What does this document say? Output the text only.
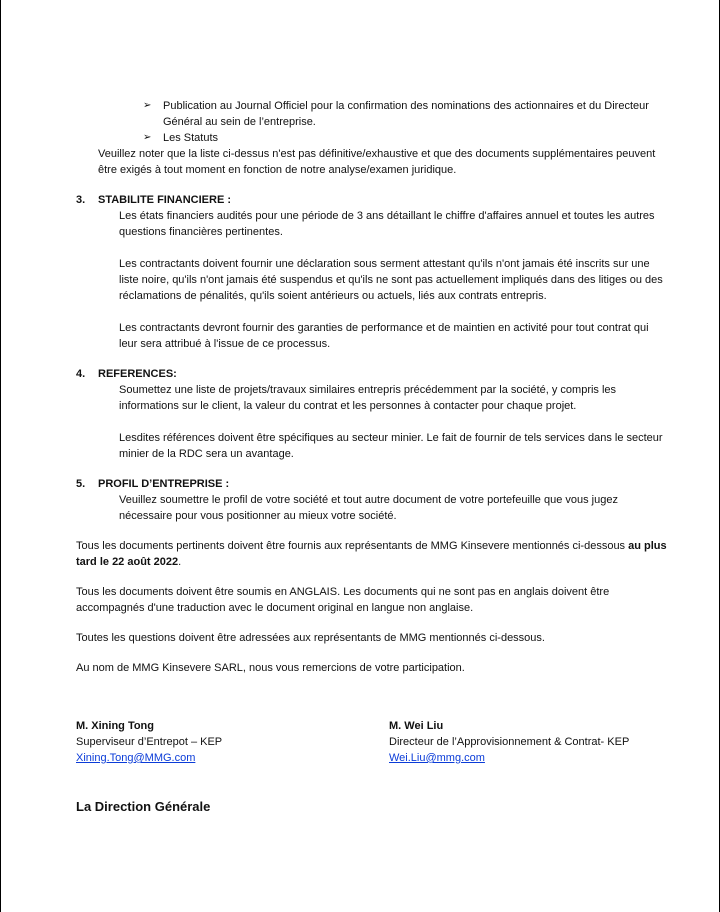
➢ Publication au Journal Officiel pour la confirmation des nominations des actionnaires et du Directeur Général au sein de l’entreprise.
➢ Les Statuts
Veuillez noter que la liste ci-dessus n'est pas définitive/exhaustive et que des documents supplémentaires peuvent être exigés à tout moment en fonction de notre analyse/examen juridique.
3.	STABILITE FINANCIERE :

Les états financiers audités pour une période de 3 ans détaillant le chiffre d'affaires annuel et toutes les autres questions financières pertinentes.

Les contractants doivent fournir une déclaration sous serment attestant qu'ils n'ont jamais été inscrits sur une liste noire, qu'ils n'ont jamais été suspendus et qu'ils ne sont pas actuellement impliqués dans des litiges ou des réclamations de pénalités, qu'ils soient antérieurs ou actuels, liés aux contrats entrepris.

Les contractants devront fournir des garanties de performance et de maintien en activité pour tout contrat qui leur sera attribué à l'issue de ce processus.

4.	REFERENCES:

Soumettez une liste de projets/travaux similaires entrepris précédemment par la société, y compris les informations sur le client, la valeur du contrat et les personnes à contacter pour chaque projet.

Lesdites références doivent être spécifiques au secteur minier. Le fait de fournir de tels services dans le secteur minier de la RDC sera un avantage.

5.	PROFIL D’ENTREPRISE :

Veuillez soumettre le profil de votre société et tout autre document de votre portefeuille que vous jugez nécessaire pour vous positionner au mieux votre société.

Tous les documents pertinents doivent être fournis aux représentants de MMG Kinsevere mentionnés ci-dessous au plus tard le 22 août 2022.

Tous les documents doivent être soumis en ANGLAIS. Les documents qui ne sont pas en anglais doivent être accompagnés d'une traduction avec le document original en langue non anglaise.

Toutes les questions doivent être adressées aux représentants de MMG mentionnés ci-dessous.

Au nom de MMG Kinsevere SARL, nous vous remercions de votre participation.

M. Xining Tong
Superviseur d’Entrepot – KEP
Xining.Tong@MMG.com
M. Wei Liu
Directeur de l’Approvisionnement & Contrat- KEP
Wei.Liu@mmg.com
La Direction Générale
